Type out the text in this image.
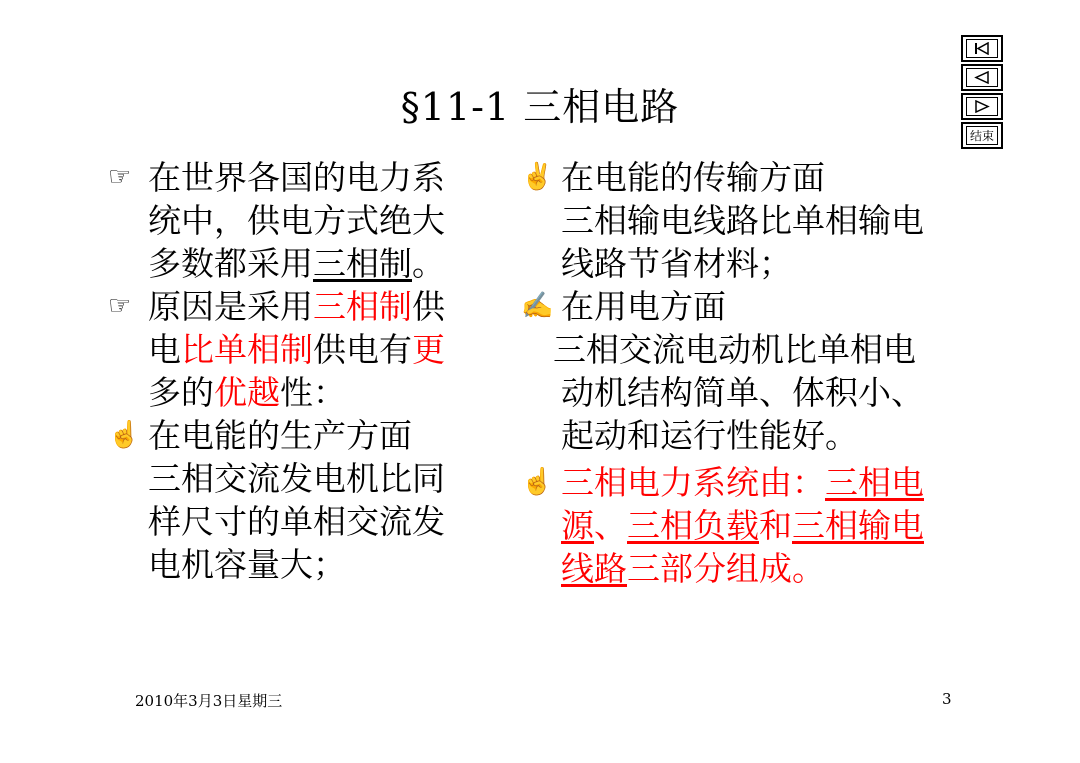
§11-1 三相电路
结束
☞ 在世界各国的电力系
统中，供电方式绝大
多数都采用三相制。
☞ 原因是采用三相制供
电比单相制供电有更
多的优越性：
☝ 在电能的生产方面
三相交流发电机比同
样尺寸的单相交流发
电机容量大；
✌ 在电能的传输方面
三相输电线路比单相输电
线路节省材料；
✍ 在用电方面
三相交流电动机比单相电
动机结构简单、体积小、
起动和运行性能好。
☝ 三相电力系统由：三相电
源、三相负载和三相输电
线路三部分组成。
2010年3月3日星期三	3
